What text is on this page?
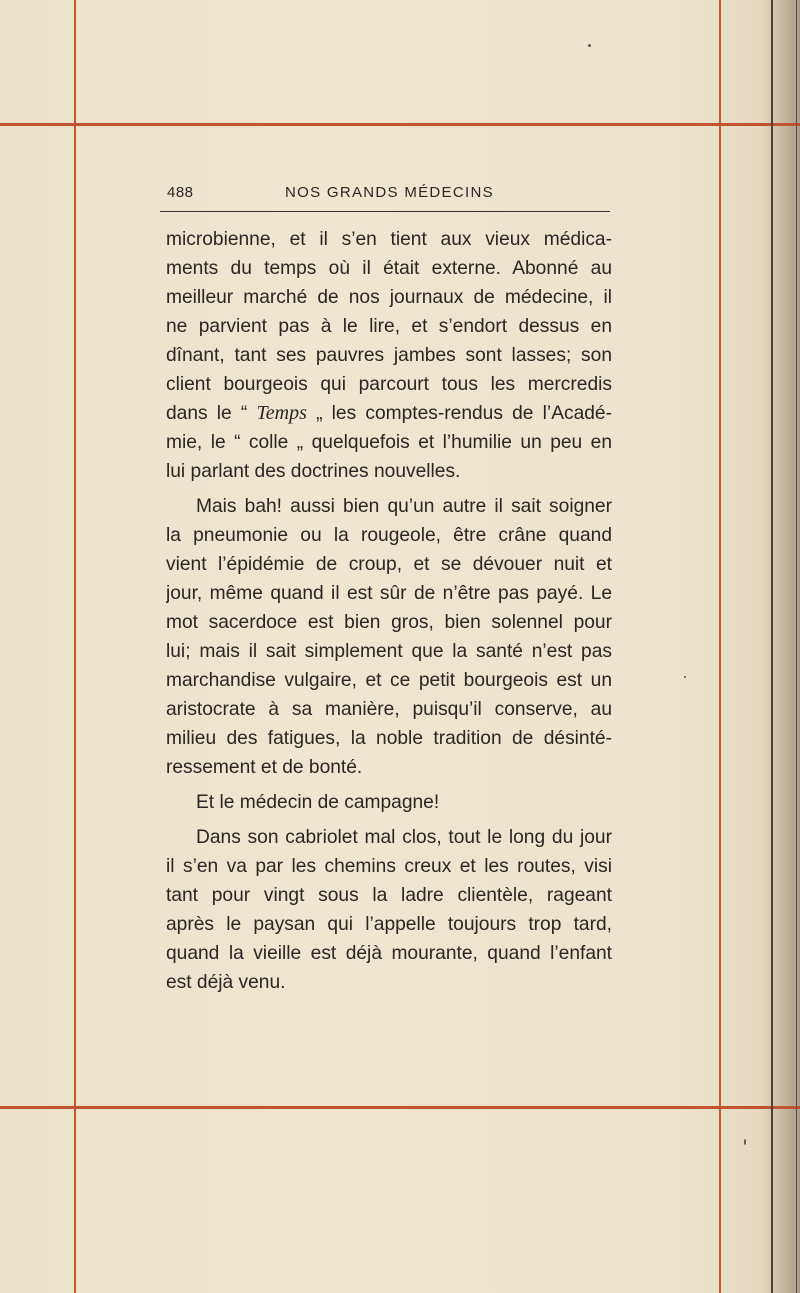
488	NOS GRANDS MÉDECINS
microbienne, et il s’en tient aux vieux médica-
ments du temps où il était externe. Abonné au
meilleur marché de nos journaux de médecine, il
ne parvient pas à le lire, et s’endort dessus en
dînant, tant ses pauvres jambes sont lasses; son
client bourgeois qui parcourt tous les mercredis
dans le “ Temps „ les comptes-rendus de l’Acadé-
mie, le “ colle „ quelquefois et l’humilie un peu en
lui parlant des doctrines nouvelles.
Mais bah! aussi bien qu’un autre il sait soigner
la pneumonie ou la rougeole, être crâne quand
vient l’épidémie de croup, et se dévouer nuit et
jour, même quand il est sûr de n’être pas payé. Le
mot sacerdoce est bien gros, bien solennel pour
lui; mais il sait simplement que la santé n’est pas
marchandise vulgaire, et ce petit bourgeois est un
aristocrate à sa manière, puisqu’il conserve, au
milieu des fatigues, la noble tradition de désinté-
ressement et de bonté.
Et le médecin de campagne!
Dans son cabriolet mal clos, tout le long du jour
il s’en va par les chemins creux et les routes, visi
tant pour vingt sous la ladre clientèle, rageant
après le paysan qui l’appelle toujours trop tard,
quand la vieille est déjà mourante, quand l’enfant
est déjà venu.
